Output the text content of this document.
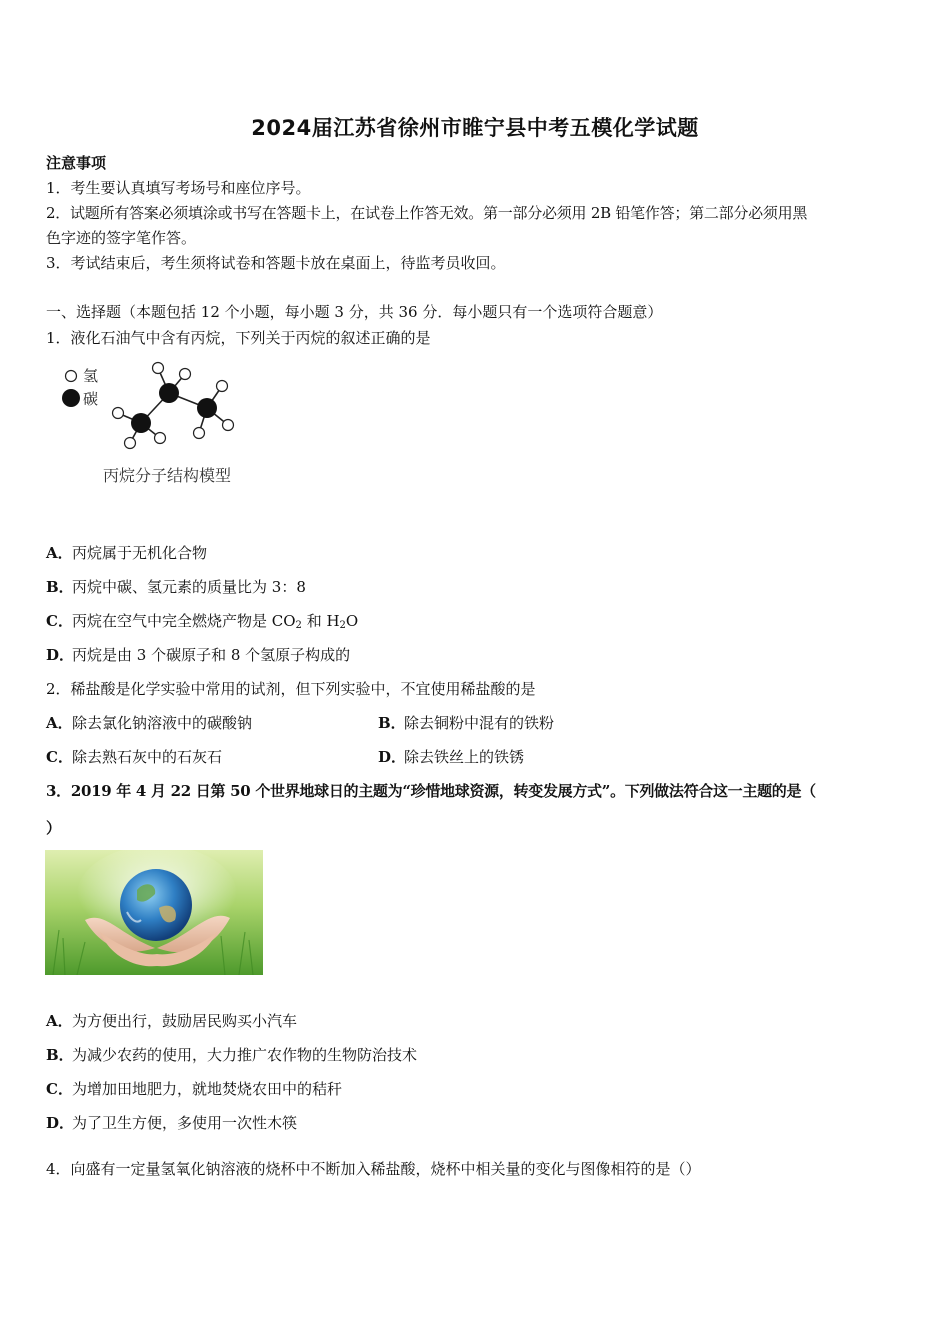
2024届江苏省徐州市睢宁县中考五模化学试题
注意事项
1．考生要认真填写考场号和座位序号。
2．试题所有答案必须填涂或书写在答题卡上，在试卷上作答无效。第一部分必须用 2B 铅笔作答；第二部分必须用黑
色字迹的签字笔作答。
3．考试结束后，考生须将试卷和答题卡放在桌面上，待监考员收回。
一、选择题（本题包括 12 个小题，每小题 3 分，共 36 分．每小题只有一个选项符合题意）
1．液化石油气中含有丙烷，下列关于丙烷的叙述正确的是
氢
碳
丙烷分子结构模型
A．丙烷属于无机化合物
B．丙烷中碳、氢元素的质量比为 3：8
C．丙烷在空气中完全燃烧产物是 $CO_2$ 和 $H_2O$
D．丙烷是由 3 个碳原子和 8 个氢原子构成的
2．稀盐酸是化学实验中常用的试剂，但下列实验中，不宜使用稀盐酸的是
A．除去氯化钠溶液中的碳酸钠	B．除去铜粉中混有的铁粉
C．除去熟石灰中的石灰石	D．除去铁丝上的铁锈
3．2019 年 4 月 22 日第 50 个世界地球日的主题为“珍惜地球资源，转变发展方式”。下列做法符合这一主题的是（
）
A．为方便出行，鼓励居民购买小汽车
B．为减少农药的使用，大力推广农作物的生物防治技术
C．为增加田地肥力，就地焚烧农田中的秸秆
D．为了卫生方便，多使用一次性木筷
4．向盛有一定量氢氧化钠溶液的烧杯中不断加入稀盐酸，烧杯中相关量的变化与图像相符的是（）
